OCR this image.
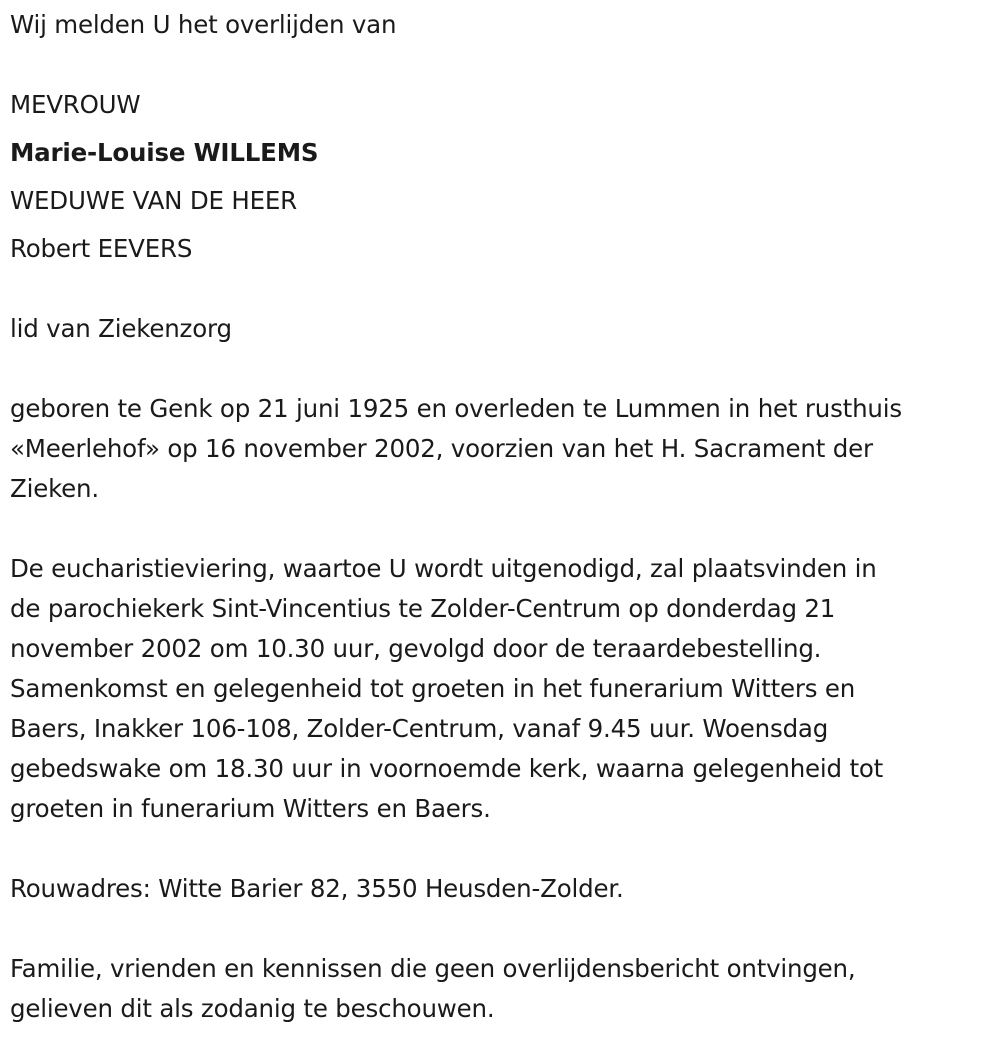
Wij melden U het overlijden van
MEVROUW
Marie-Louise WILLEMS
WEDUWE VAN DE HEER
Robert EEVERS
lid van Ziekenzorg
geboren te Genk op 21 juni 1925 en overleden te Lummen in het rusthuis
«Meerlehof» op 16 november 2002, voorzien van het H. Sacrament der
Zieken.
De eucharistieviering, waartoe U wordt uitgenodigd, zal plaatsvinden in
de parochiekerk Sint-Vincentius te Zolder-Centrum op donderdag 21
november 2002 om 10.30 uur, gevolgd door de teraardebestelling.
Samenkomst en gelegenheid tot groeten in het funerarium Witters en
Baers, Inakker 106-108, Zolder-Centrum, vanaf 9.45 uur. Woensdag
gebedswake om 18.30 uur in voornoemde kerk, waarna gelegenheid tot
groeten in funerarium Witters en Baers.
Rouwadres: Witte Barier 82, 3550 Heusden-Zolder.
Familie, vrienden en kennissen die geen overlijdensbericht ontvingen,
gelieven dit als zodanig te beschouwen.
